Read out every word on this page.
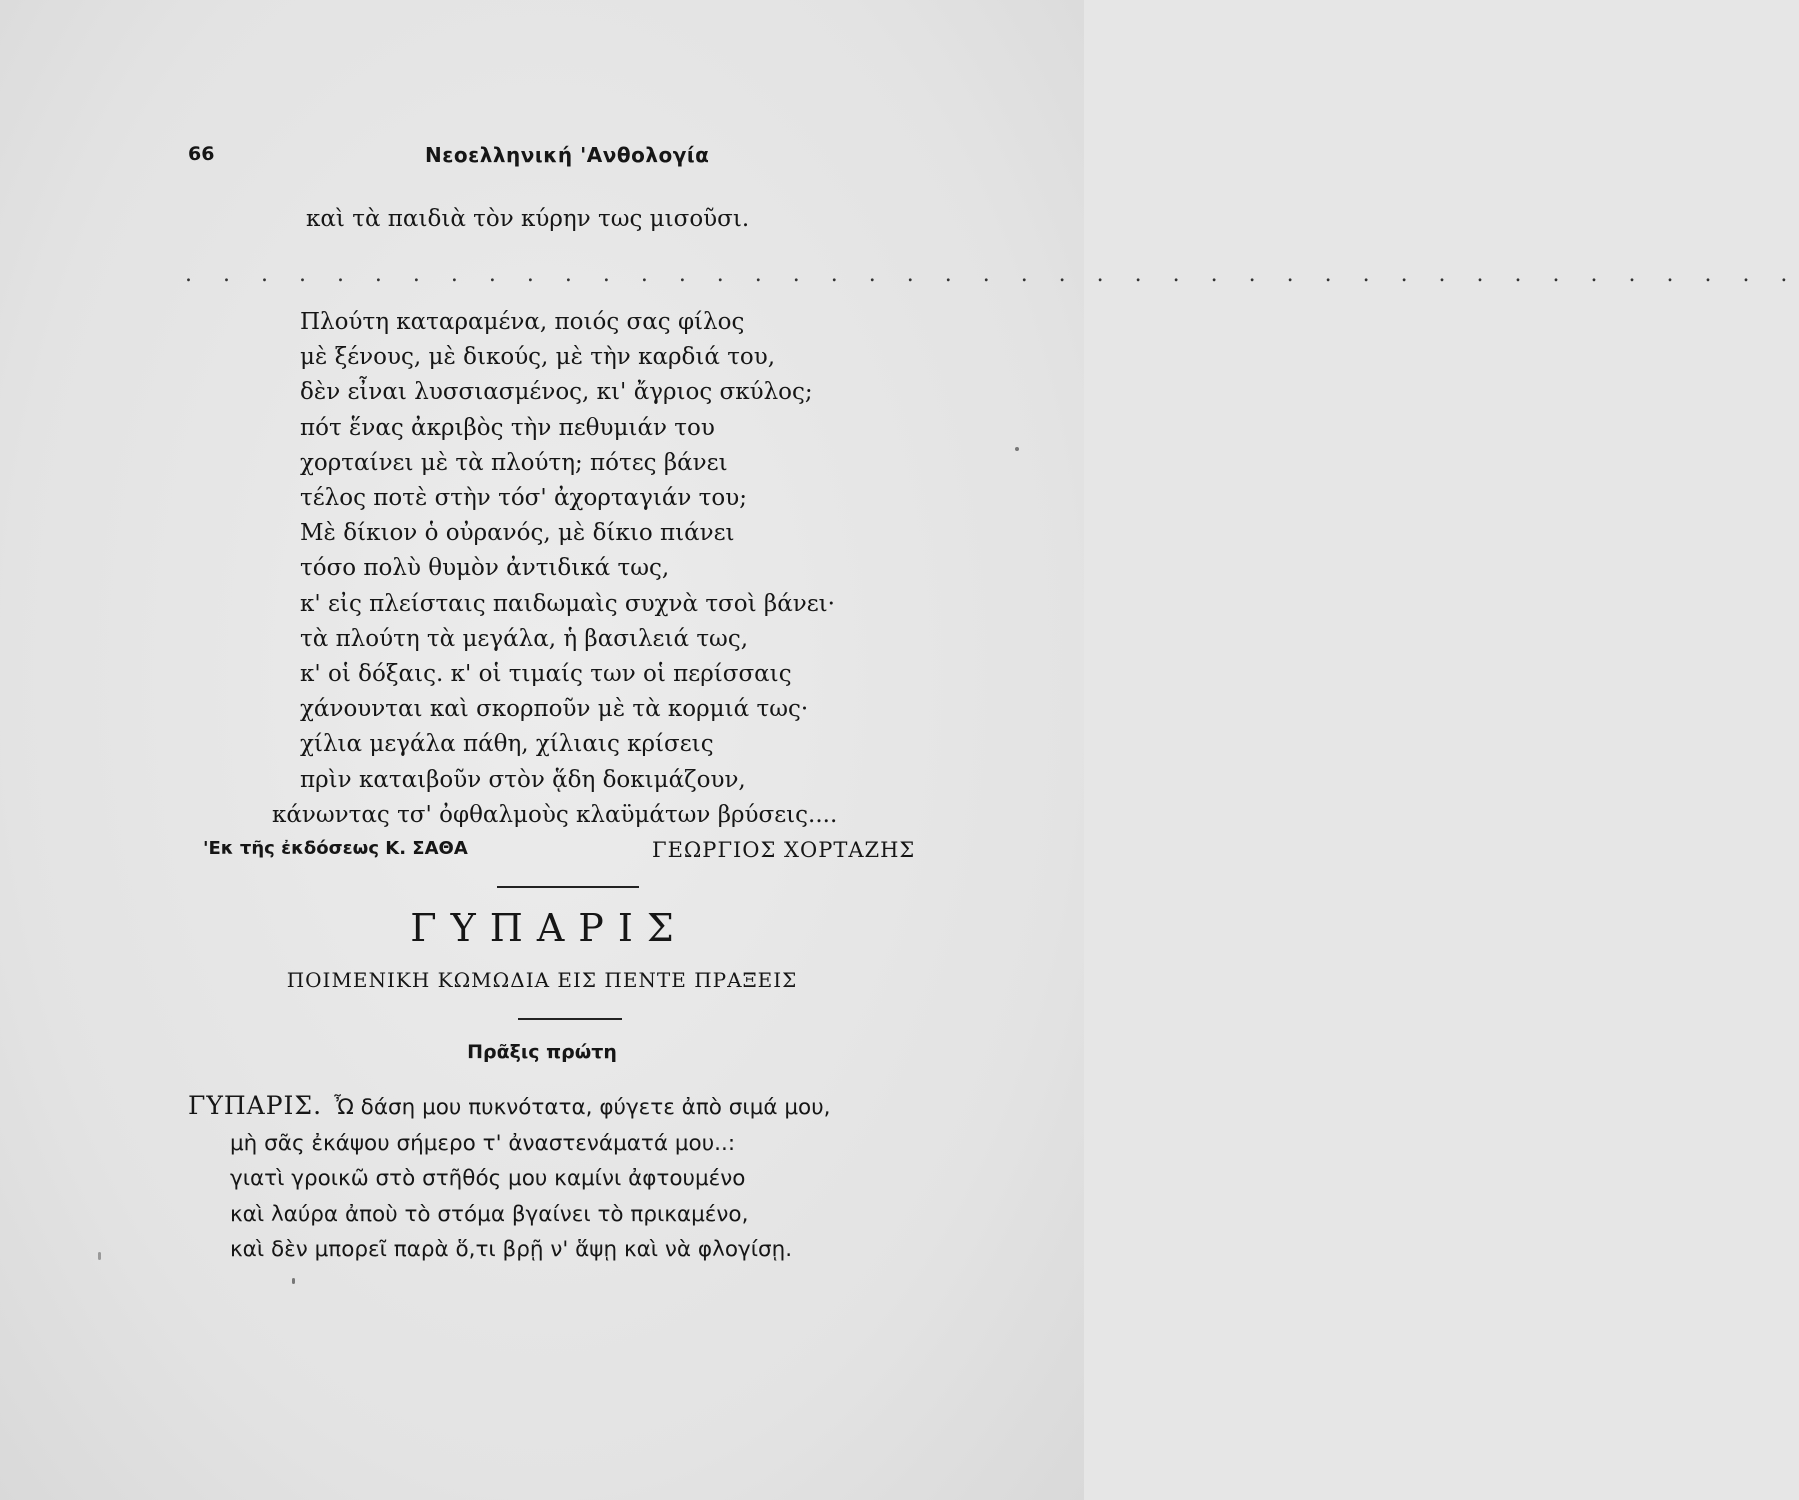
66	Νεοελληνική 'Ανθολογία
καὶ τὰ παιδιὰ τὸν κύρην τως μισοῦσι.
. . . . . . . . . . . . . . . . . . . . . . . . . . . . . . . . . . . . . . . . . . .
Πλούτη καταραμένα, ποιός σας φίλος
μὲ ξένους, μὲ δικούς, μὲ τὴν καρδιά του,
δὲν εἶναι λυσσιασμένος, κι' ἄγριος σκύλος;
πότ ἕνας ἀκριβὸς τὴν πεθυμιάν του
χορταίνει μὲ τὰ πλούτη; πότες βάνει
τέλος ποτὲ στὴν τόσ' ἀχορταγιάν του;
Μὲ δίκιον ὁ οὐρανός, μὲ δίκιο πιάνει
τόσο πολὺ θυμὸν ἀντιδικά τως,
κ' εἰς πλείσταις παιδωμαὶς συχνὰ τσοὶ βάνει·
τὰ πλούτη τὰ μεγάλα, ἡ βασιλειά τως,
κ' οἱ δόξαις. κ' οἱ τιμαίς των οἱ περίσσαις
χάνουνται καὶ σκορποῦν μὲ τὰ κορμιά τως·
χίλια μεγάλα πάθη, χίλιαις κρίσεις
πρὶν καταιβοῦν στὸν ᾅδη δοκιμάζουν,
κάνωντας τσ' ὀφθαλμοὺς κλαϋμάτων βρύσεις....
'Εκ τῆς ἐκδόσεως Κ. ΣΑΘΑ	ΓΕΩΡΓΙΟΣ ΧΟΡΤΑΖΗΣ
ΓΥΠΑΡΙΣ
ΠΟΙΜΕΝΙΚΗ ΚΩΜΩΔΙΑ ΕΙΣ ΠΕΝΤΕ ΠΡΑΞΕΙΣ
Πρᾶξις πρώτη
ΓΥΠΑΡΙΣ. Ὦ δάση μου πυκνότατα, φύγετε ἀπὸ σιμά μου,
μὴ σᾶς ἐκάψου σήμερο τ' ἀναστενάματά μου..:
γιατὶ γροικῶ στὸ στῆθός μου καμίνι ἀφτουμένο
καὶ λαύρα ἀποὺ τὸ στόμα βγαίνει τὸ πρικαμένο,
καὶ δὲν μπορεῖ παρὰ ὅ,τι βρῇ ν' ἅψῃ καὶ νὰ φλογίσῃ.
